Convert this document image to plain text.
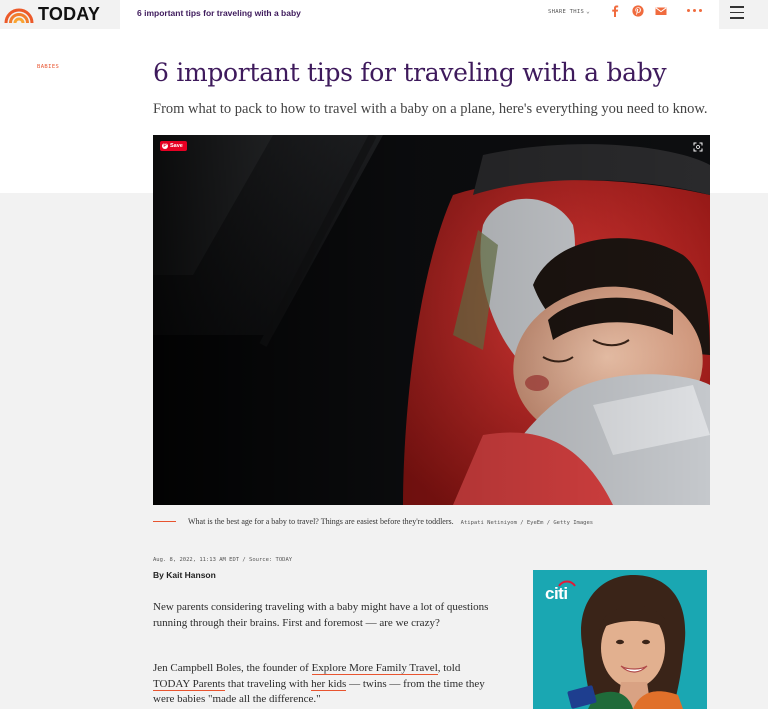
TODAY	6 important tips for traveling with a baby	SHARE THIS ⌄
BABIES	6 important tips for traveling with a baby

From what to pack to how to travel with a baby on a plane, here's everything you need to know.

P Save
What is the best age for a baby to travel? Things are easiest before they're toddlers. Atipati Netiniyom / EyeEm / Getty Images
Aug. 8, 2022, 11:13 AM EDT / Source: TODAY
By Kait Hanson

New parents considering traveling with a baby might have a lot of questions running through their brains. First and foremost — are we crazy?

Jen Campbell Boles, the founder of Explore More Family Travel, told TODAY Parents that traveling with her kids — twins — from the time they were babies "made all the difference."

citi
